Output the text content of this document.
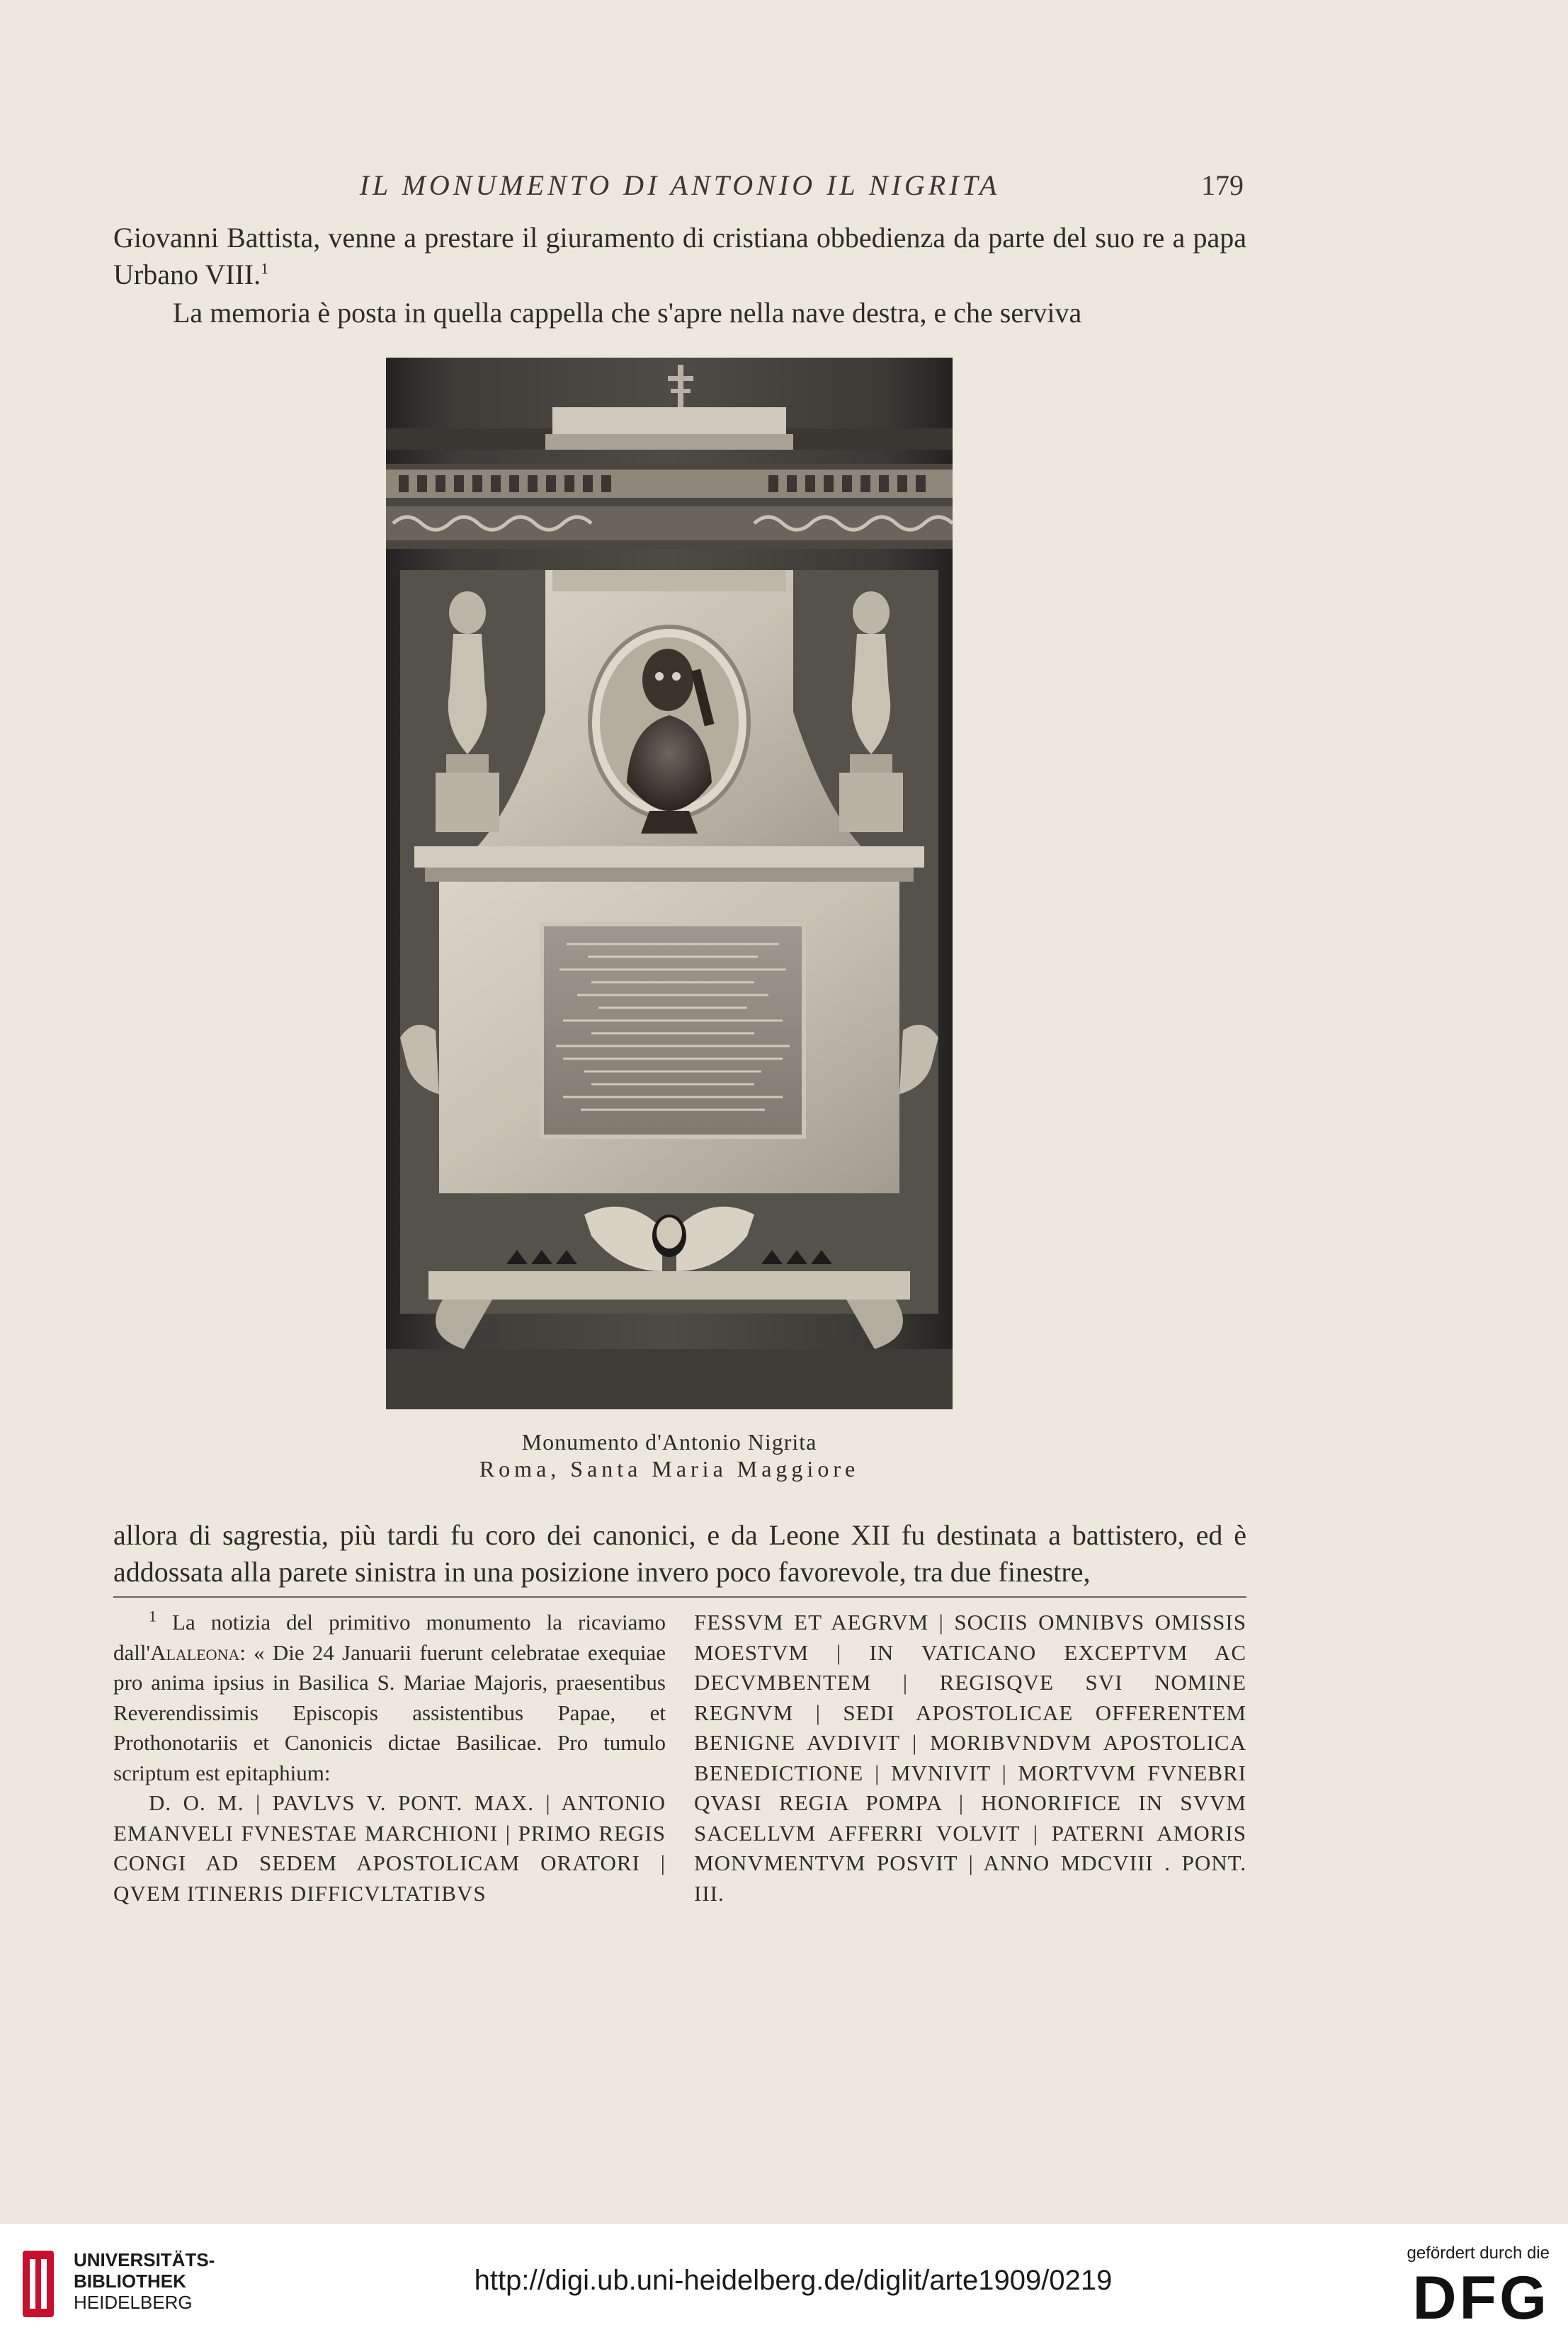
IL MONUMENTO DI ANTONIO IL NIGRITA	179
Giovanni Battista, venne a prestare il giuramento di cristiana obbedienza da parte del suo re a papa Urbano VIII.$^1$
La memoria è posta in quella cappella che s'apre nella nave destra, e che serviva
Monumento d'Antonio Nigrita
Roma, Santa Maria Maggiore
allora di sagrestia, più tardi fu coro dei canonici, e da Leone XII fu destinata a battistero, ed è addossata alla parete sinistra in una posizione invero poco favorevole, tra due finestre,
$^1$ La notizia del primitivo monumento la ricaviamo dall'Alaleona: « Die 24 Januarii fuerunt celebratae exequiae pro anima ipsius in Basilica S. Mariae Majoris, praesentibus Reverendissimis Episcopis assistentibus Papae, et Prothonotariis et Canonicis dictae Basilicae. Pro tumulo scriptum est epitaphium:
D. O. M. | PAVLVS V. PONT. MAX. | ANTONIO EMANVELI FVNESTAE MARCHIONI | PRIMO REGIS CONGI AD SEDEM APOSTOLICAM ORATORI | QVEM ITINERIS DIFFICVLTATIBVS
FESSVM ET AEGRVM | SOCIIS OMNIBVS OMISSIS MOESTVM | IN VATICANO EXCEPTVM AC DECVMBENTEM | REGISQVE SVI NOMINE REGNVM | SEDI APOSTOLICAE OFFERENTEM BENIGNE AVDIVIT | MORIBVNDVM APOSTOLICA BENEDICTIONE | MVNIVIT | MORTVVM FVNEBRI QVASI REGIA POMPA | HONORIFICE IN SVVM SACELLVM AFFERRI VOLVIT | PATERNI AMORIS MONVMENTVM POSVIT | ANNO MDCVIII . PONT. III.
UNIVERSITÄTS-
BIBLIOTHEK
HEIDELBERG
http://digi.ub.uni-heidelberg.de/diglit/arte1909/0219
gefördert durch die
DFG
